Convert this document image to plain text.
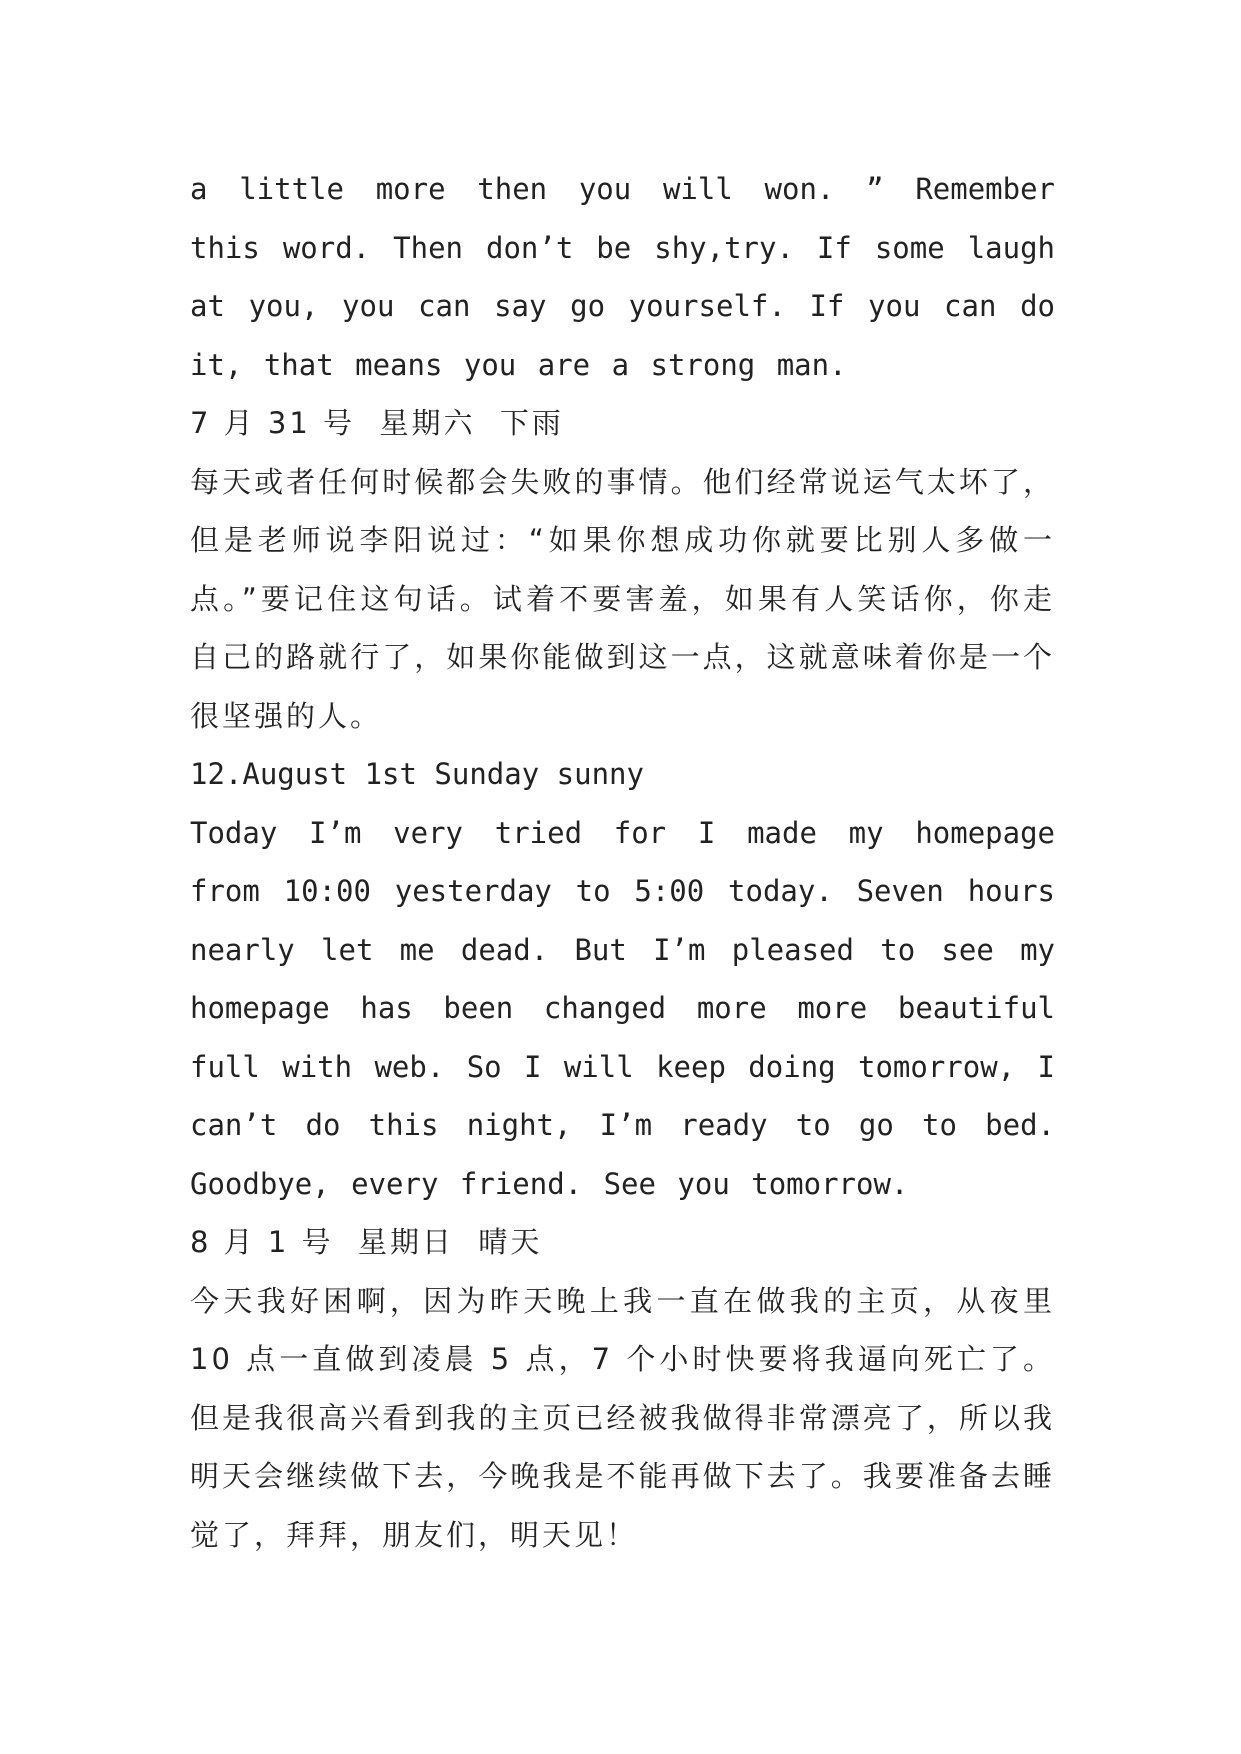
a little more then you will won. ” Remember this word. Then don’t be shy,try. If some laugh at you, you can say go yourself. If you can do it, that means you are a strong man.

7 月 31 号  星期六  下雨

每天或者任何时候都会失败的事情。他们经常说运气太坏了，但是老师说李阳说过：“如果你想成功你就要比别人多做一点。”要记住这句话。试着不要害羞，如果有人笑话你，你走自己的路就行了，如果你能做到这一点，这就意味着你是一个很坚强的人。

12.August 1st Sunday sunny

Today I’m very tried for I made my homepage from 10:00 yesterday to 5:00 today. Seven hours nearly let me dead. But I’m pleased to see my homepage has been changed more more beautiful full with web. So I will keep doing tomorrow, I can’t do this night, I’m ready to go to bed. Goodbye, every friend. See you tomorrow.

8 月 1 号  星期日  晴天

今天我好困啊，因为昨天晚上我一直在做我的主页，从夜里 10 点一直做到凌晨 5 点，7 个小时快要将我逼向死亡了。但是我很高兴看到我的主页已经被我做得非常漂亮了，所以我明天会继续做下去，今晚我是不能再做下去了。我要准备去睡觉了，拜拜，朋友们，明天见！
